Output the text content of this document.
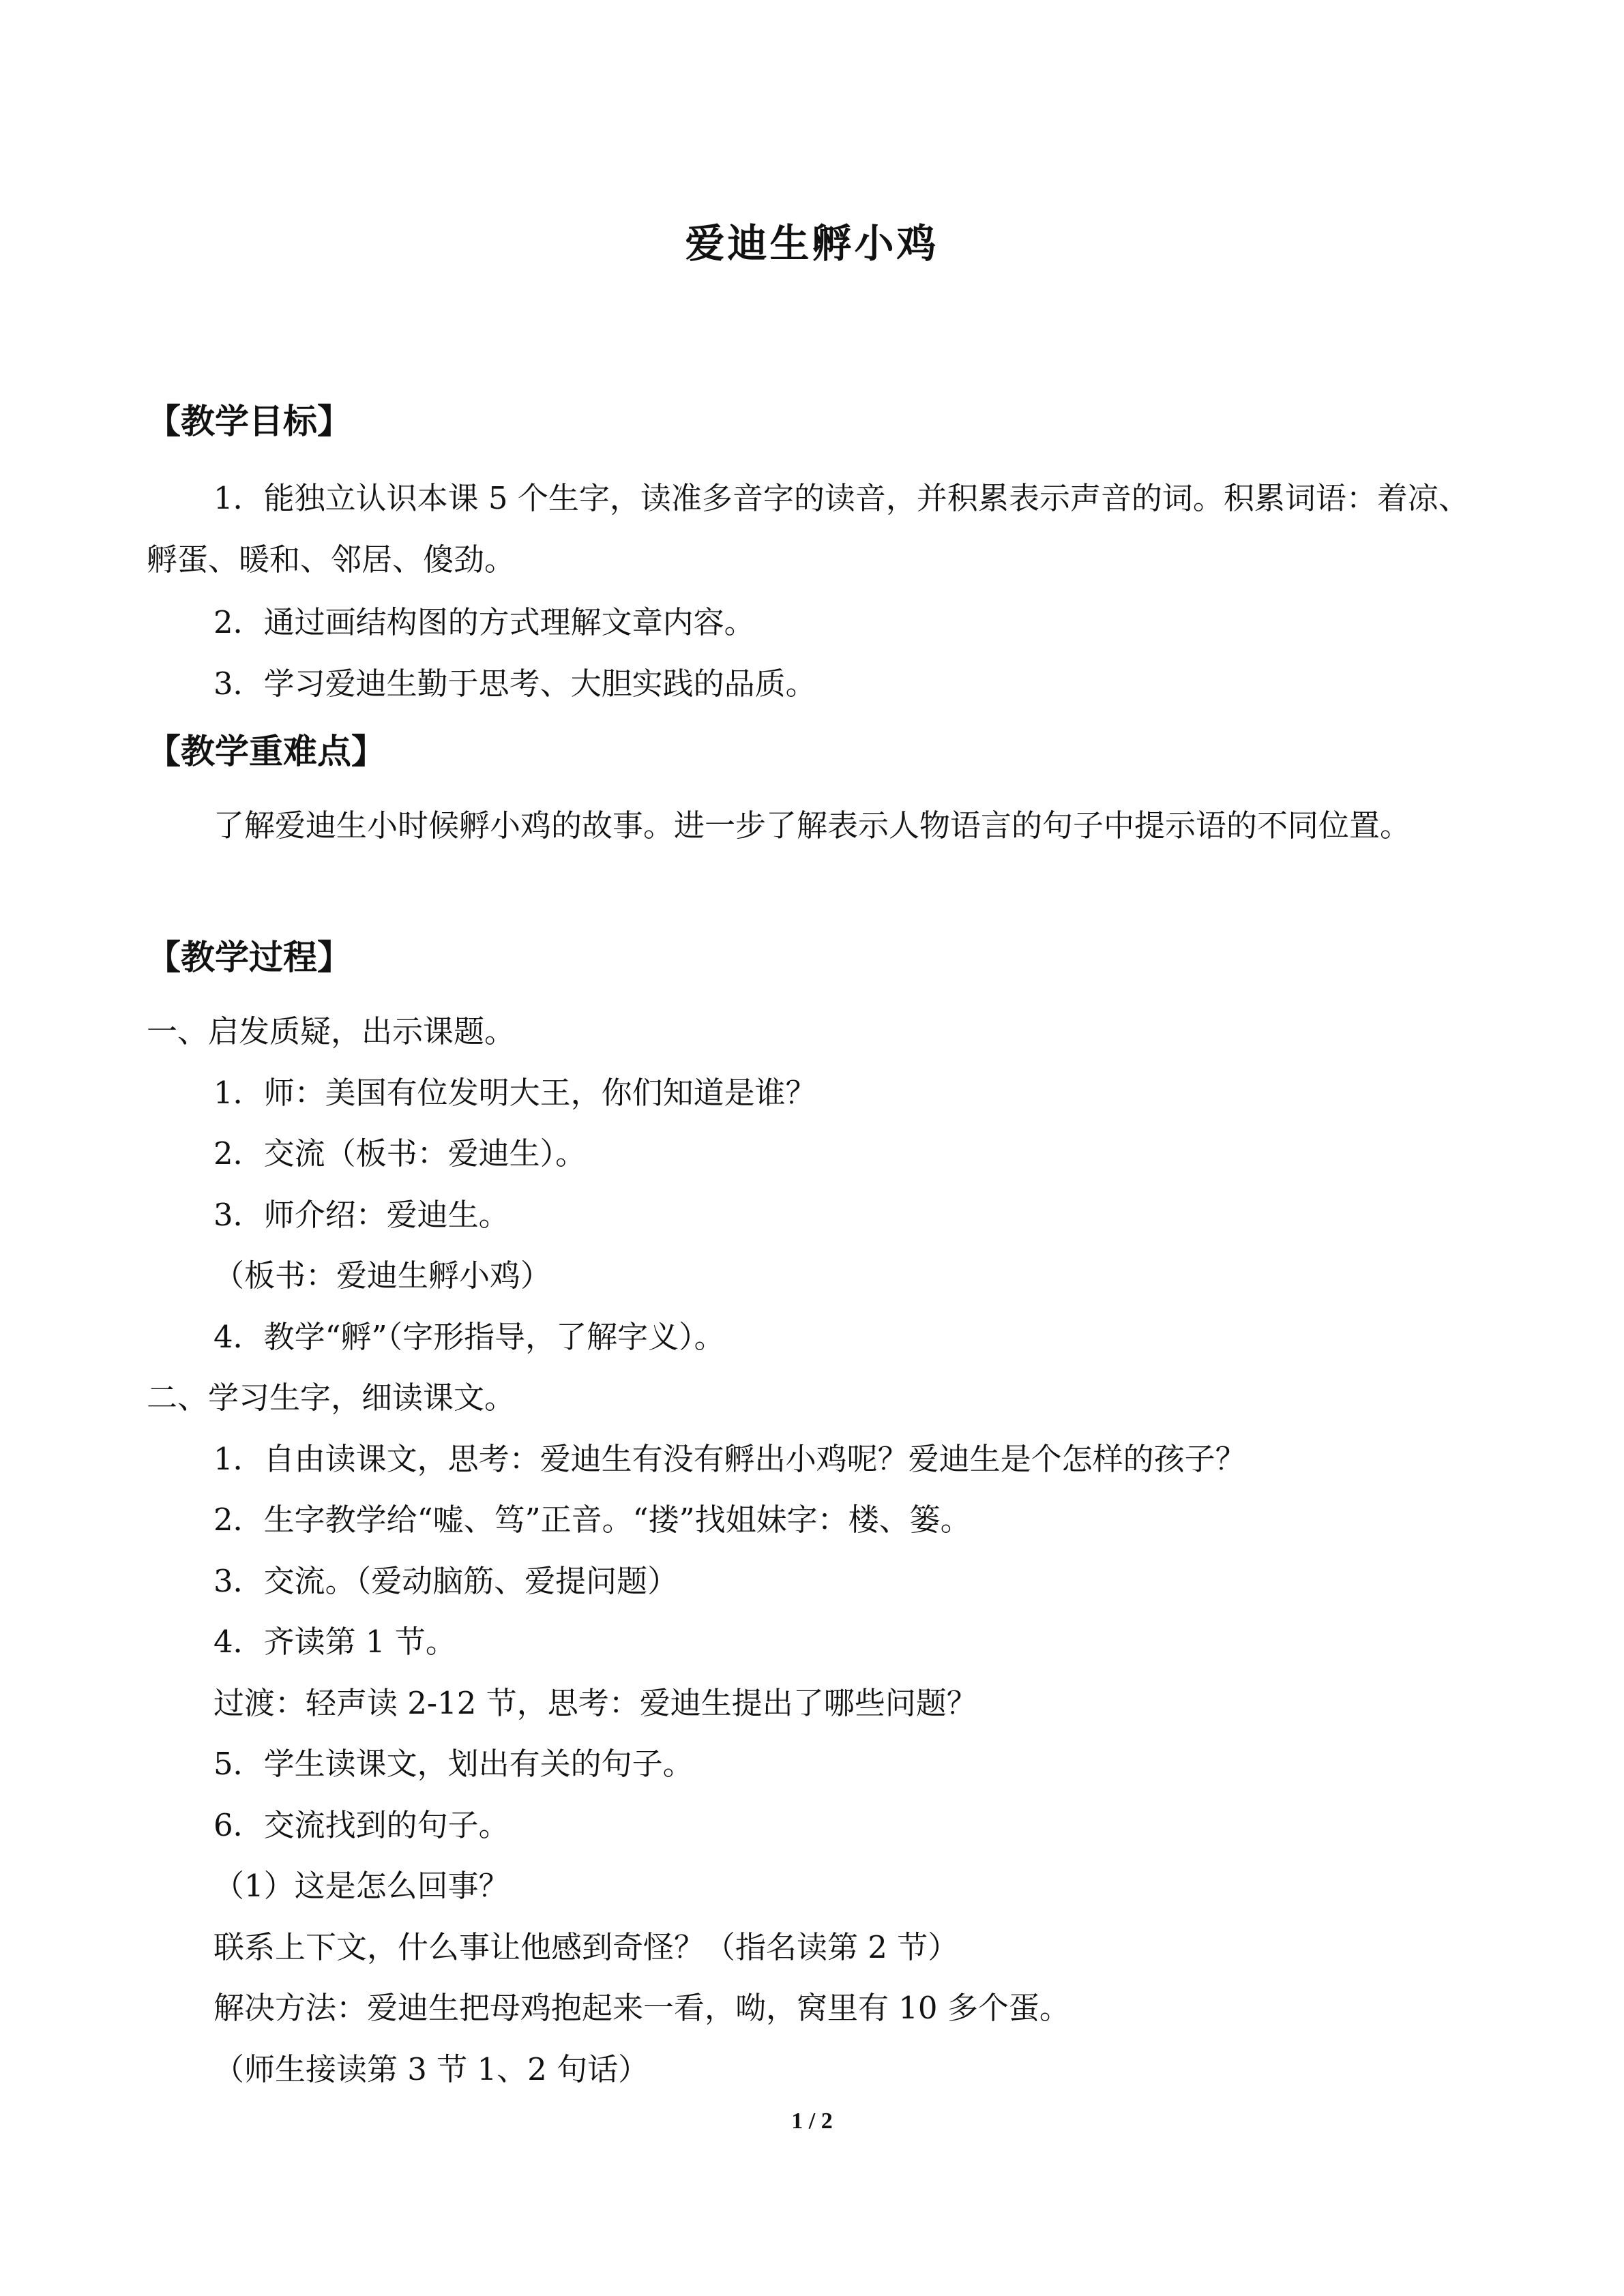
爱迪生孵小鸡
【教学目标】
1．能独立认识本课 5 个生字，读准多音字的读音，并积累表示声音的词。积累词语：着凉、孵蛋、暖和、邻居、傻劲。
2．通过画结构图的方式理解文章内容。
3．学习爱迪生勤于思考、大胆实践的品质。
【教学重难点】
了解爱迪生小时候孵小鸡的故事。进一步了解表示人物语言的句子中提示语的不同位置。
【教学过程】
一、启发质疑，出示课题。
1．师：美国有位发明大王，你们知道是谁？
2．交流（板书：爱迪生）。
3．师介绍：爱迪生。
（板书：爱迪生孵小鸡）
4．教学“孵”（字形指导，了解字义）。
二、学习生字，细读课文。
1．自由读课文，思考：爱迪生有没有孵出小鸡呢？爱迪生是个怎样的孩子？
2．生字教学给“嘘、笃”正音。“搂”找姐妹字：楼、篓。
3．交流。（爱动脑筋、爱提问题）
4．齐读第 1 节。
过渡：轻声读 2-12 节，思考：爱迪生提出了哪些问题？
5．学生读课文，划出有关的句子。
6．交流找到的句子。
（1）这是怎么回事？
联系上下文，什么事让他感到奇怪？（指名读第 2 节）
解决方法：爱迪生把母鸡抱起来一看，呦，窝里有 10 多个蛋。
（师生接读第 3 节 1、2 句话）
1 / 2
